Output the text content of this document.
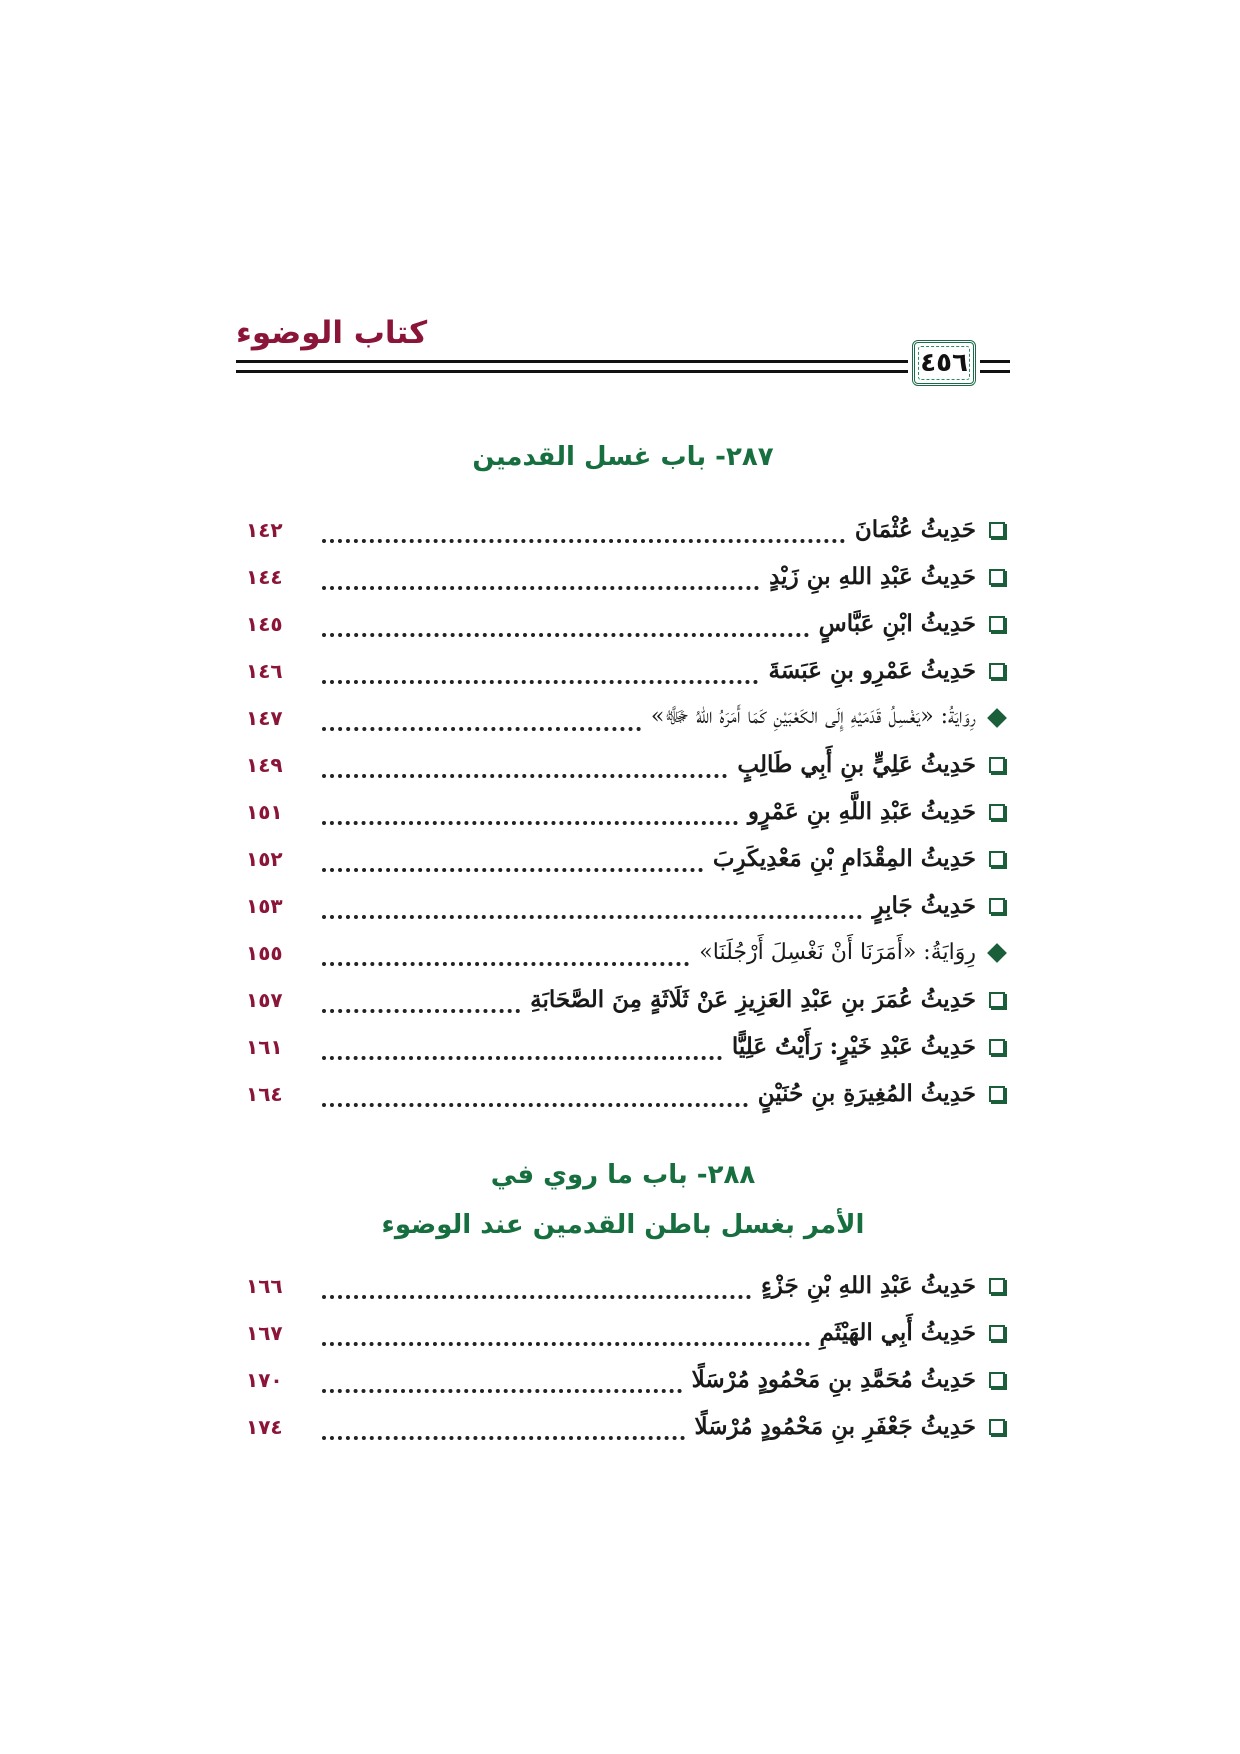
كتاب الوضوء
٤٥٦
٢٨٧- باب غسل القدمين
حَدِيثُ عُثْمَانَ
١٤٢
حَدِيثُ عَبْدِ اللهِ بنِ زَيْدٍ
١٤٤
حَدِيثُ ابْنِ عَبَّاسٍ
١٤٥
حَدِيثُ عَمْرِو بنِ عَبَسَةَ
١٤٦
رِوَايَةُ: «يَغْسِلُ قَدَمَيْهِ إِلَى الكَعْبَيْنِ كَمَا أَمَرَهُ اللهُ ﷻ»
١٤٧
حَدِيثُ عَلِيٍّ بنِ أَبِي طَالِبٍ
١٤٩
حَدِيثُ عَبْدِ اللَّهِ بنِ عَمْرٍو
١٥١
حَدِيثُ المِقْدَامِ بْنِ مَعْدِيكَرِبَ
١٥٢
حَدِيثُ جَابِرٍ
١٥٣
رِوَايَةُ: «أَمَرَنَا أَنْ نَغْسِلَ أَرْجُلَنَا»
١٥٥
حَدِيثُ عُمَرَ بنِ عَبْدِ العَزِيزِ عَنْ ثَلَاثَةٍ مِنَ الصَّحَابَةِ
١٥٧
حَدِيثُ عَبْدِ خَيْرٍ: رَأَيْتُ عَلِيًّا
١٦١
حَدِيثُ المُغِيرَةِ بنِ حُنَيْنٍ
١٦٤
٢٨٨- باب ما روي في
الأمر بغسل باطن القدمين عند الوضوء
حَدِيثُ عَبْدِ اللهِ بْنِ جَزْءٍ
١٦٦
حَدِيثُ أَبِي الهَيْثَمِ
١٦٧
حَدِيثُ مُحَمَّدِ بنِ مَحْمُودٍ مُرْسَلًا
١٧٠
حَدِيثُ جَعْفَرِ بنِ مَحْمُودٍ مُرْسَلًا
١٧٤
